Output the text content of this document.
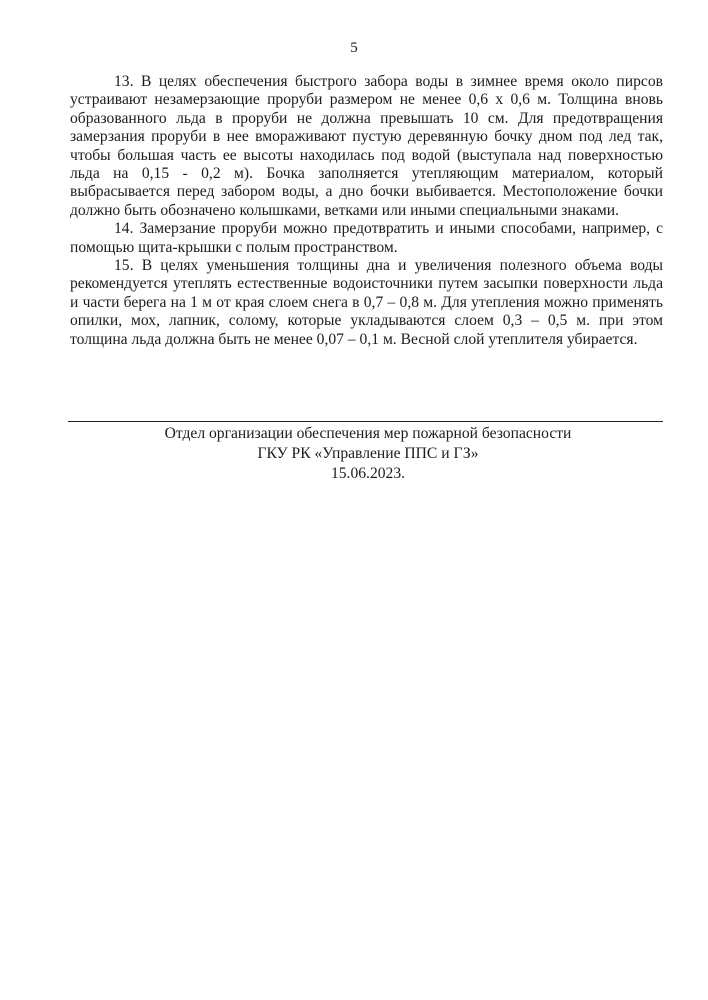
5

13. В целях обеспечения быстрого забора воды в зимнее время около пирсов устраивают незамерзающие проруби размером не менее 0,6 х 0,6 м. Толщина вновь образованного льда в проруби не должна превышать 10 см. Для предотвращения замерзания проруби в нее вмораживают пустую деревянную бочку дном под лед так, чтобы большая часть ее высоты находилась под водой (выступала над поверхностью льда на 0,15 - 0,2 м). Бочка заполняется утепляющим материалом, который выбрасывается перед забором воды, а дно бочки выбивается. Местоположение бочки должно быть обозначено колышками, ветками или иными специальными знаками.

14. Замерзание проруби можно предотвратить и иными способами, например, с помощью щита-крышки с полым пространством.

15. В целях уменьшения толщины дна и увеличения полезного объема воды рекомендуется утеплять естественные водоисточники путем засыпки поверхности льда и части берега на 1 м от края слоем снега в 0,7 – 0,8 м. Для утепления можно применять опилки, мох, лапник, солому, которые укладываются слоем 0,3 – 0,5 м. при этом толщина льда должна быть не менее 0,07 – 0,1 м. Весной слой утеплителя убирается.

Отдел организации обеспечения мер пожарной безопасности
ГКУ РК «Управление ППС и ГЗ»
15.06.2023.
